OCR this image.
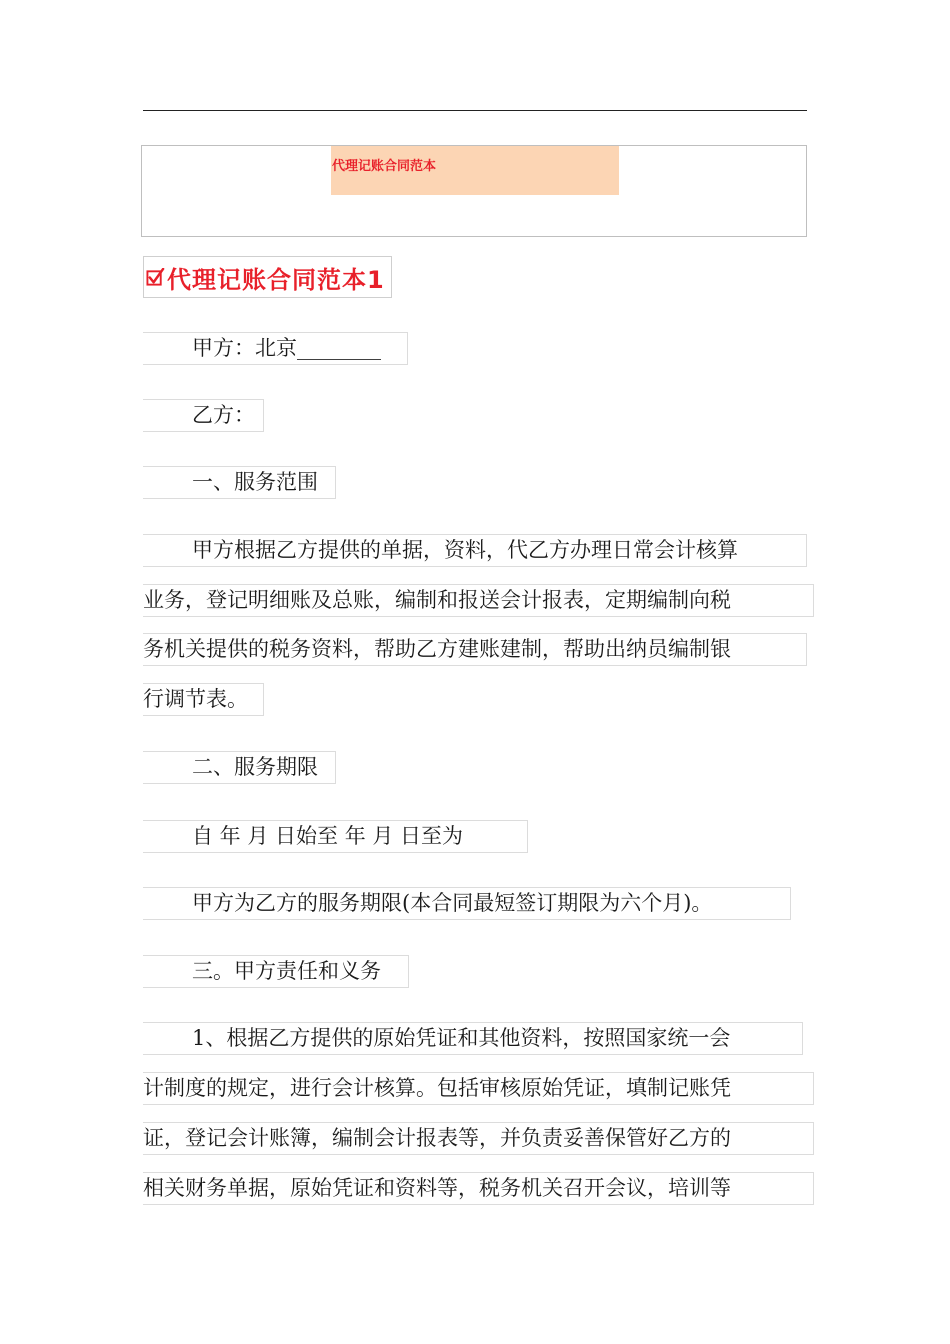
代理记账合同范本
代理记账合同范本1
甲方：北京________
乙方：
一、服务范围
甲方根据乙方提供的单据，资料，代乙方办理日常会计核算
业务，登记明细账及总账，编制和报送会计报表，定期编制向税
务机关提供的税务资料，帮助乙方建账建制，帮助出纳员编制银
行调节表。
二、服务期限
自 年 月 日始至 年 月 日至为
甲方为乙方的服务期限(本合同最短签订期限为六个月)。
三。甲方责任和义务
1、根据乙方提供的原始凭证和其他资料，按照国家统一会
计制度的规定，进行会计核算。包括审核原始凭证，填制记账凭
证，登记会计账簿，编制会计报表等，并负责妥善保管好乙方的
相关财务单据，原始凭证和资料等，税务机关召开会议，培训等
